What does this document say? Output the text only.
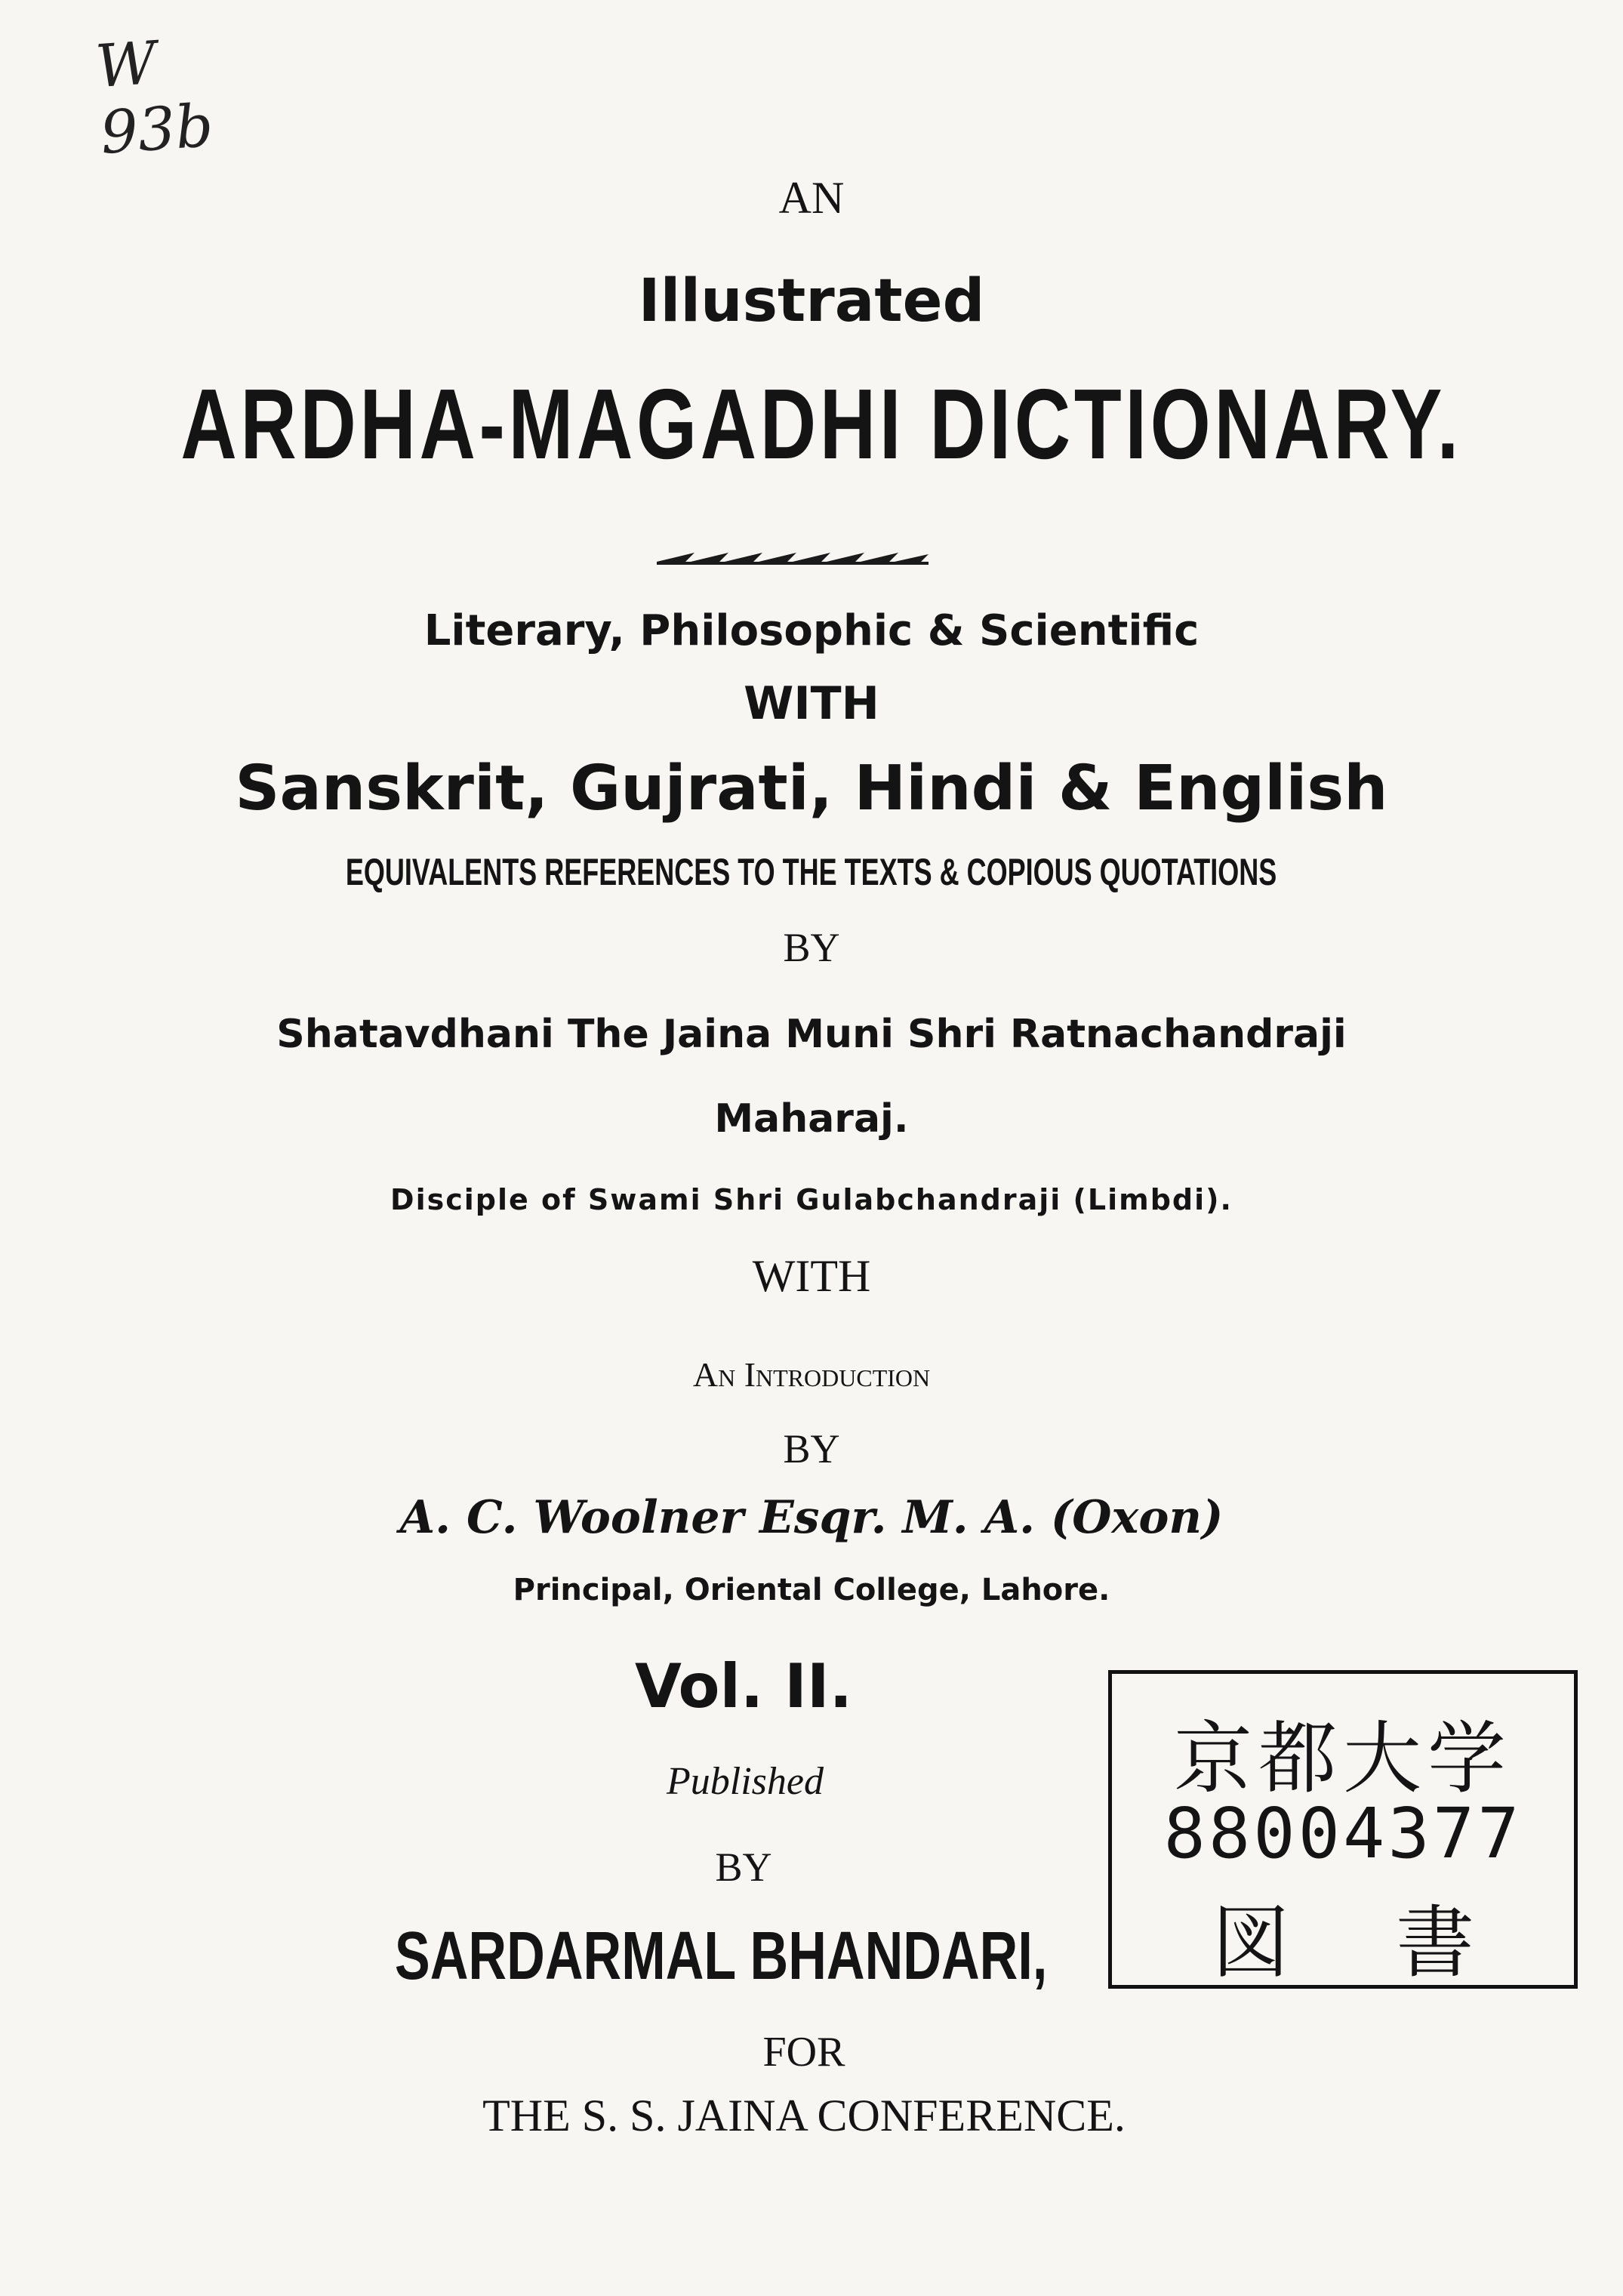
W
93b
AN
Illustrated
ARDHA-MAGADHI DICTIONARY.
Literary, Philosophic & Scientific
WITH
Sanskrit, Gujrati, Hindi & English
EQUIVALENTS REFERENCES TO THE TEXTS & COPIOUS QUOTATIONS
BY
Shatavdhani The Jaina Muni Shri Ratnachandraji
Maharaj.
Disciple of Swami Shri Gulabchandraji (Limbdi).
WITH
An Introduction
BY
A. C. Woolner Esqr. M. A. (Oxon)
Principal, Oriental College, Lahore.
Vol. II.
Published
BY
SARDARMAL BHANDARI,
FOR
THE S. S. JAINA CONFERENCE.
京都大学
88004377
図 書
